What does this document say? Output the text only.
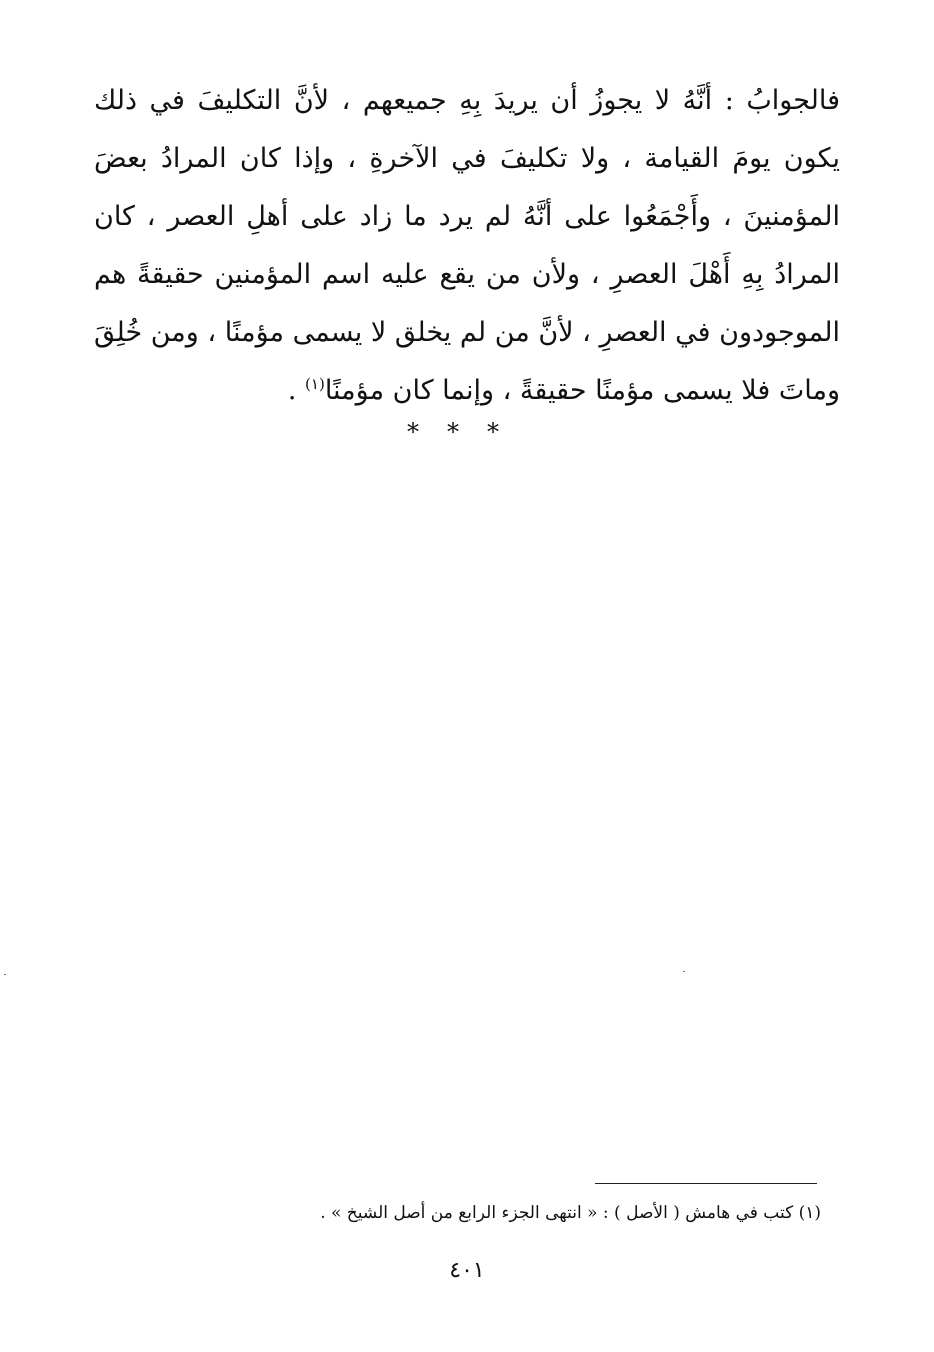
فالجوابُ : أنَّهُ لا يجوزُ أن يريدَ بِهِ جميعهم ، لأنَّ التكليفَ في ذلك
يكون يومَ القيامة ، ولا تكليفَ في الآخرةِ ، وإذا كان المرادُ بعضَ
المؤمنينَ ، وأَجْمَعُوا على أنَّهُ لم يرد ما زاد على أهلِ العصر ، كان
المرادُ بِهِ أَهْلَ العصرِ ، ولأن من يقع عليه اسم المؤمنين حقيقةً هم
الموجودون في العصرِ ، لأنَّ من لم يخلق لا يسمى مؤمنًا ، ومن خُلِقَ
وماتَ فلا يسمى مؤمنًا حقيقةً ، وإنما كان مؤمنًا$^{(١)}$ .
***
(١) كتب في هامش ( الأصل ) : « انتهى الجزء الرابع من أصل الشيخ » .
٤٠١
